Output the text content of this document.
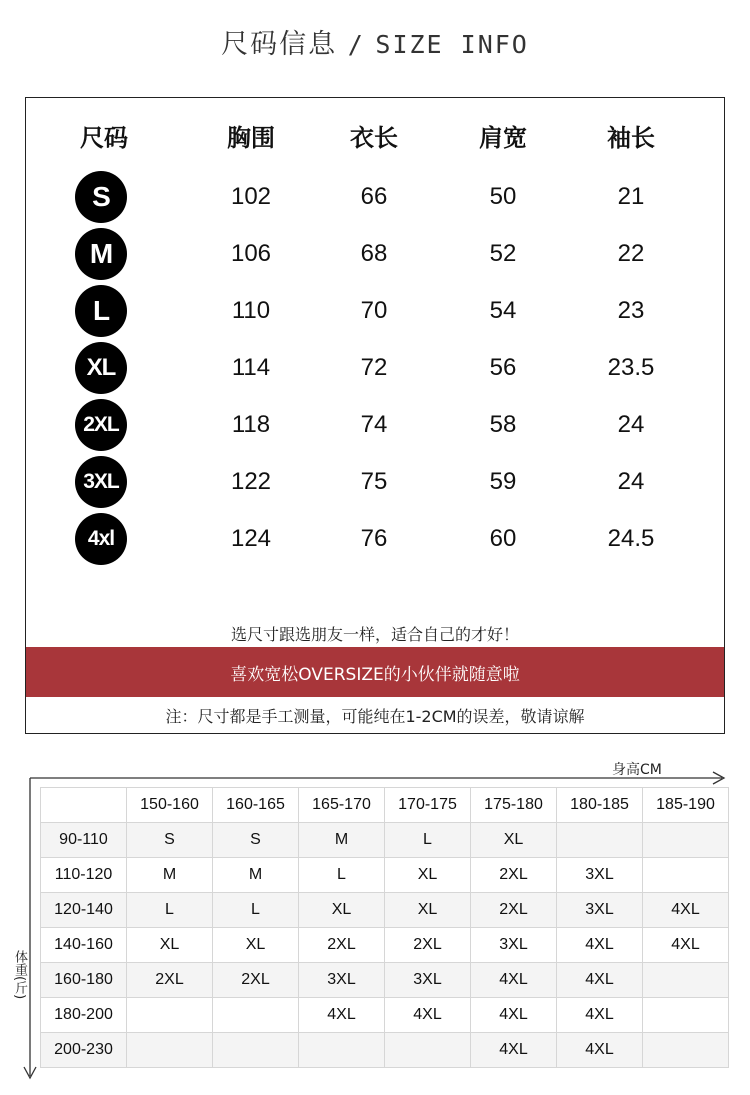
尺码信息 / SIZE INFO
尺码	胸围	衣长	肩宽	袖长
S	102	66	50	21
M	106	68	52	22
L	110	70	54	23
XL	114	72	56	23.5
2XL	118	74	58	24
3XL	122	75	59	24
4xl	124	76	60	24.5
选尺寸跟选朋友一样，适合自己的才好！
喜欢宽松OVERSIZE的小伙伴就随意啦
注：尺寸都是手工测量，可能纯在1-2CM的误差，敬请谅解
身高CM
体重(斤)
	150-160	160-165	165-170	170-175	175-180	180-185	185-190
90-110	S	S	M	L	XL		
110-120	M	M	L	XL	2XL	3XL	
120-140	L	L	XL	XL	2XL	3XL	4XL
140-160	XL	XL	2XL	2XL	3XL	4XL	4XL
160-180	2XL	2XL	3XL	3XL	4XL	4XL	
180-200			4XL	4XL	4XL	4XL	
200-230					4XL	4XL	
